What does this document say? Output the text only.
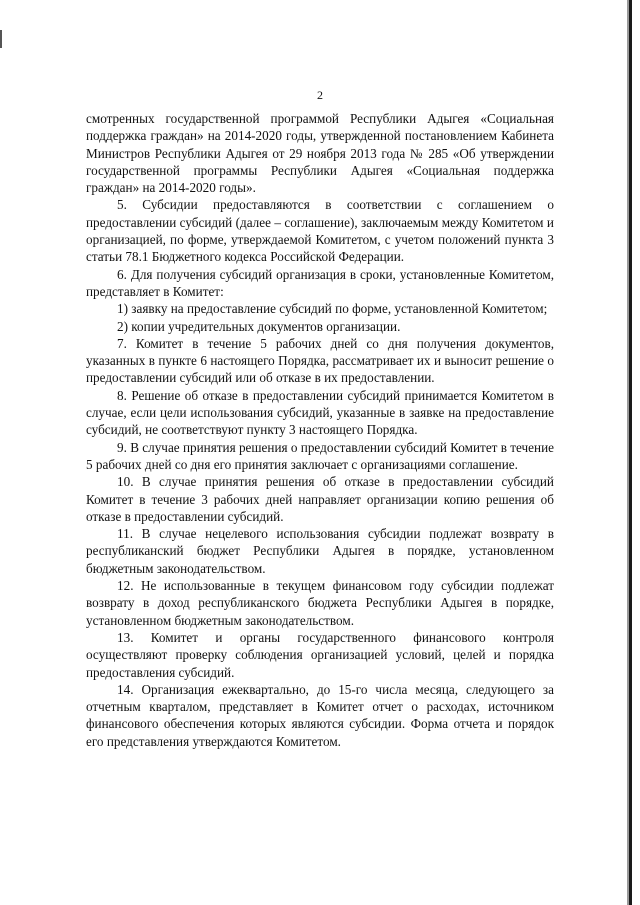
2

смотренных государственной программой Республики Адыгея «Социальная поддержка граждан» на 2014-2020 годы, утвержденной постановлением Кабинета Министров Республики Адыгея от 29 ноября 2013 года № 285 «Об утверждении государственной программы Республики Адыгея «Социальная поддержка граждан» на 2014-2020 годы».

5. Субсидии предоставляются в соответствии с соглашением о предоставлении субсидий (далее – соглашение), заключаемым между Комитетом и организацией, по форме, утверждаемой Комитетом, с учетом положений пункта 3 статьи 78.1 Бюджетного кодекса Российской Федерации.

6. Для получения субсидий организация в сроки, установленные Комитетом, представляет в Комитет:

1) заявку на предоставление субсидий по форме, установленной Комитетом;

2) копии учредительных документов организации.

7. Комитет в течение 5 рабочих дней со дня получения документов, указанных в пункте 6 настоящего Порядка, рассматривает их и выносит решение о предоставлении субсидий или об отказе в их предоставлении.

8. Решение об отказе в предоставлении субсидий принимается Комитетом в случае, если цели использования субсидий, указанные в заявке на предоставление субсидий, не соответствуют пункту 3 настоящего Порядка.

9. В случае принятия решения о предоставлении субсидий Комитет в течение 5 рабочих дней со дня его принятия заключает с организациями соглашение.

10. В случае принятия решения об отказе в предоставлении субсидий Комитет в течение 3 рабочих дней направляет организации копию решения об отказе в предоставлении субсидий.

11. В случае нецелевого использования субсидии подлежат возврату в республиканский бюджет Республики Адыгея в порядке, установленном бюджетным законодательством.

12. Не использованные в текущем финансовом году субсидии подлежат возврату в доход республиканского бюджета Республики Адыгея в порядке, установленном бюджетным законодательством.

13. Комитет и органы государственного финансового контроля осуществляют проверку соблюдения организацией условий, целей и порядка предоставления субсидий.

14. Организация ежеквартально, до 15-го числа месяца, следующего за отчетным кварталом, представляет в Комитет отчет о расходах, источником финансового обеспечения которых являются субсидии. Форма отчета и порядок его представления утверждаются Комитетом.
